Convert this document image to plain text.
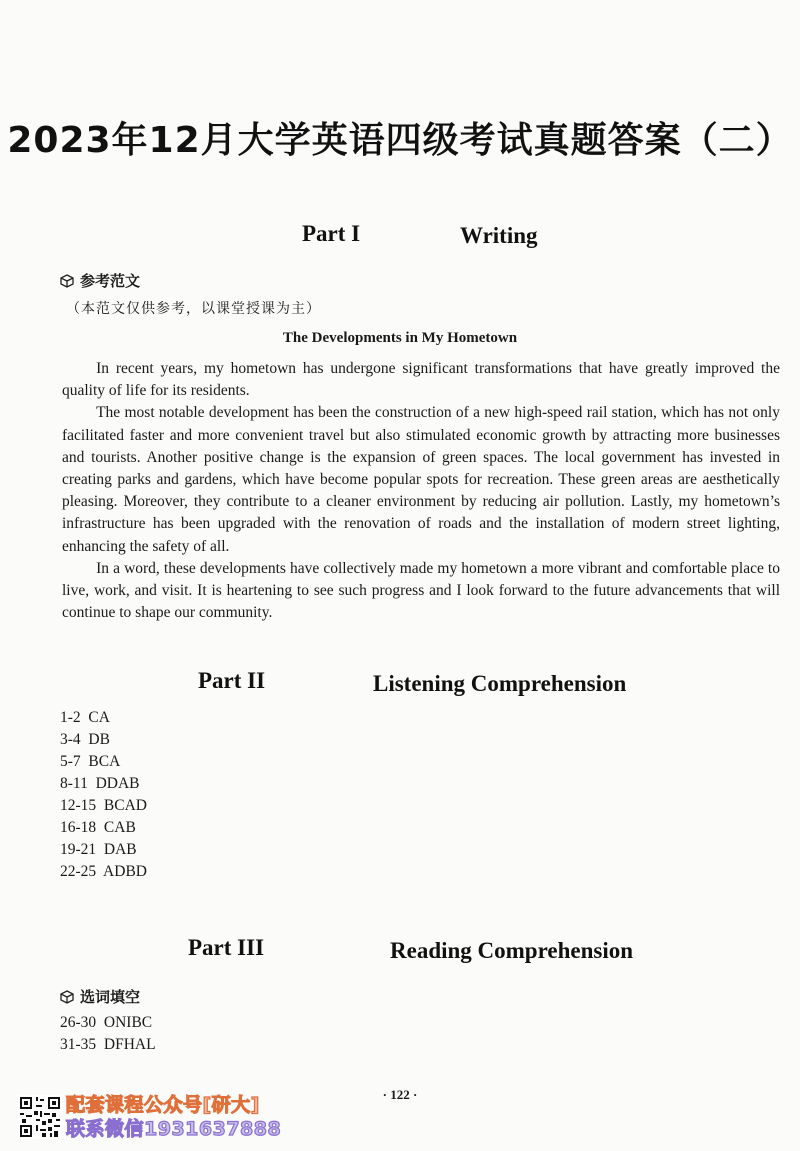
2023年12月大学英语四级考试真题答案（二）
Part I	Writing
参考范文
（本范文仅供参考，以课堂授课为主）
The Developments in My Hometown

In recent years, my hometown has undergone significant transformations that have greatly improved the quality of life for its residents.

The most notable development has been the construction of a new high-speed rail station, which has not only facilitated faster and more convenient travel but also stimulated economic growth by attracting more businesses and tourists. Another positive change is the expansion of green spaces. The local government has invested in creating parks and gardens, which have become popular spots for recreation. These green areas are aesthetically pleasing. Moreover, they contribute to a cleaner environment by reducing air pollution. Lastly, my hometown’s infrastructure has been upgraded with the renovation of roads and the installation of modern street lighting, enhancing the safety of all.

In a word, these developments have collectively made my hometown a more vibrant and comfortable place to live, work, and visit. It is heartening to see such progress and I look forward to the future advancements that will continue to shape our community.

Part II	Listening Comprehension
1-2  CA
3-4  DB
5-7  BCA
8-11  DDAB
12-15  BCAD
16-18  CAB
19-21  DAB
22-25  ADBD
Part III	Reading Comprehension
选词填空
26-30  ONIBC
31-35  DFHAL
· 122 ·
配套课程公众号[研大]
联系微信1931637888
